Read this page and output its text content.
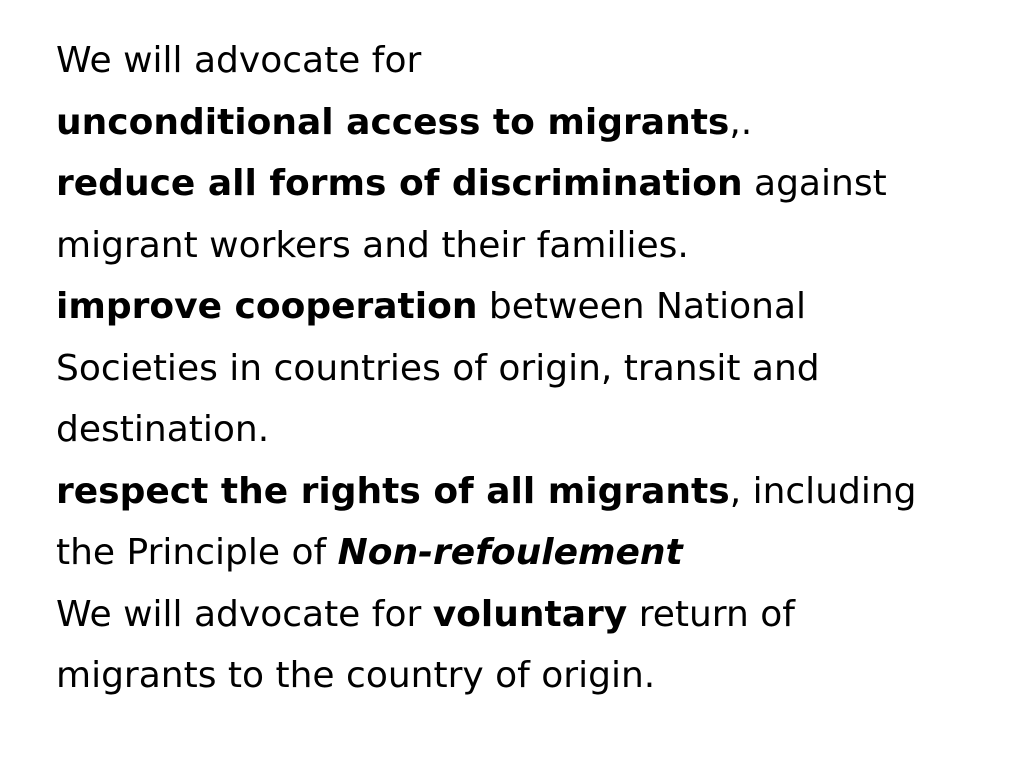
We will advocate for
unconditional access to migrants,.
reduce all forms of discrimination against
migrant workers and their families.
improve cooperation between National
Societies in countries of origin, transit and
destination.
respect the rights of all migrants, including
the Principle of Non-refoulement
We will advocate for voluntary return of
migrants to the country of origin.
